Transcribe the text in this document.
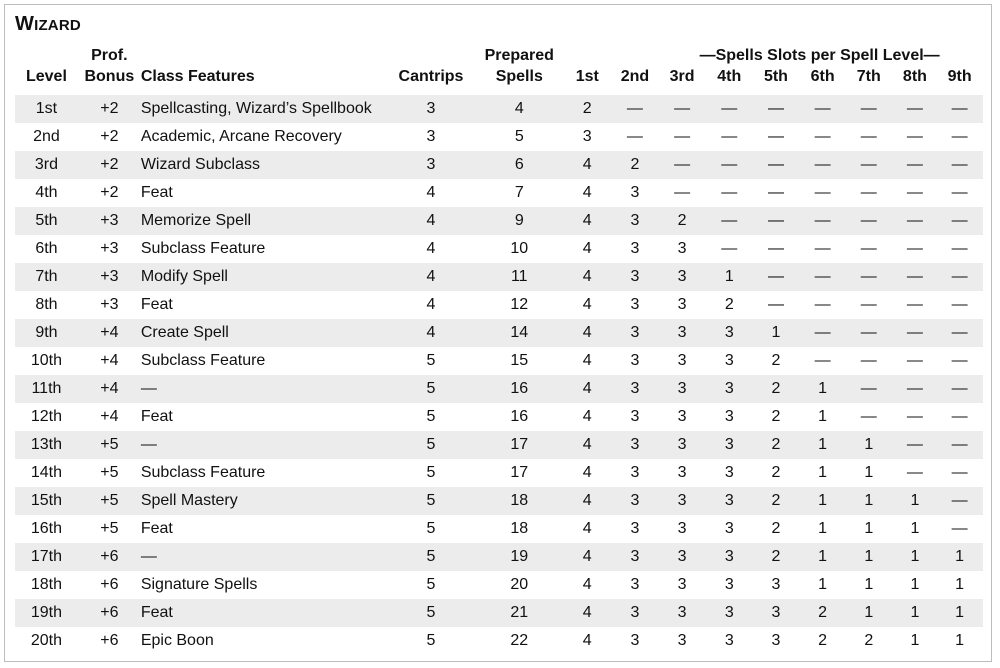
WIZARD
	Prof.			Prepared			—Spells Slots per Spell Level—						
Level	Bonus	Class Features	Cantrips	Spells	1st	2nd	3rd	4th	5th	6th	7th	8th	9th
1st	+2	Spellcasting, Wizard’s Spellbook	3	4	2	—	—	—	—	—	—	—	—
2nd	+2	Academic, Arcane Recovery	3	5	3	—	—	—	—	—	—	—	—
3rd	+2	Wizard Subclass	3	6	4	2	—	—	—	—	—	—	—
4th	+2	Feat	4	7	4	3	—	—	—	—	—	—	—
5th	+3	Memorize Spell	4	9	4	3	2	—	—	—	—	—	—
6th	+3	Subclass Feature	4	10	4	3	3	—	—	—	—	—	—
7th	+3	Modify Spell	4	11	4	3	3	1	—	—	—	—	—
8th	+3	Feat	4	12	4	3	3	2	—	—	—	—	—
9th	+4	Create Spell	4	14	4	3	3	3	1	—	—	—	—
10th	+4	Subclass Feature	5	15	4	3	3	3	2	—	—	—	—
11th	+4	—	5	16	4	3	3	3	2	1	—	—	—
12th	+4	Feat	5	16	4	3	3	3	2	1	—	—	—
13th	+5	—	5	17	4	3	3	3	2	1	1	—	—
14th	+5	Subclass Feature	5	17	4	3	3	3	2	1	1	—	—
15th	+5	Spell Mastery	5	18	4	3	3	3	2	1	1	1	—
16th	+5	Feat	5	18	4	3	3	3	2	1	1	1	—
17th	+6	—	5	19	4	3	3	3	2	1	1	1	1
18th	+6	Signature Spells	5	20	4	3	3	3	3	1	1	1	1
19th	+6	Feat	5	21	4	3	3	3	3	2	1	1	1
20th	+6	Epic Boon	5	22	4	3	3	3	3	2	2	1	1
